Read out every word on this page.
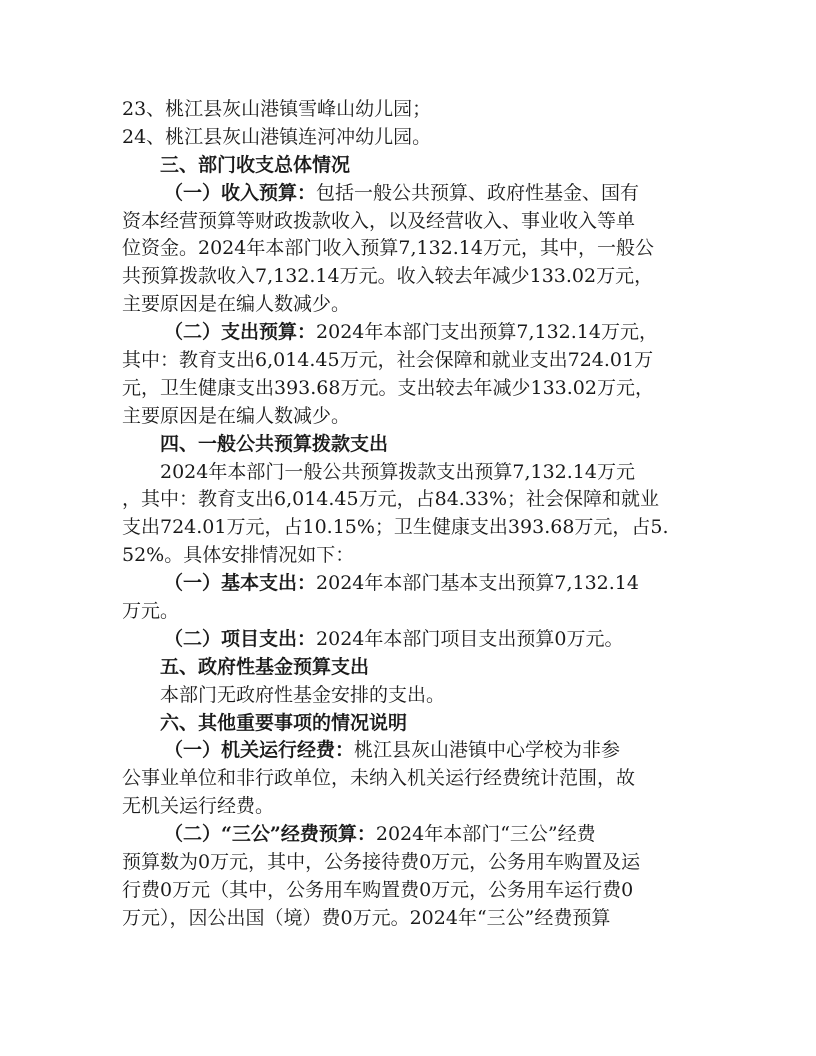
23、桃江县灰山港镇雪峰山幼儿园；
24、桃江县灰山港镇连河冲幼儿园。
三、部门收支总体情况
（一）收入预算：包括一般公共预算、政府性基金、国有
资本经营预算等财政拨款收入，以及经营收入、事业收入等单
位资金。2024年本部门收入预算7,132.14万元，其中，一般公
共预算拨款收入7,132.14万元。收入较去年减少133.02万元，
主要原因是在编人数减少。
（二）支出预算：2024年本部门支出预算7,132.14万元，
其中：教育支出6,014.45万元，社会保障和就业支出724.01万
元，卫生健康支出393.68万元。支出较去年减少133.02万元，
主要原因是在编人数减少。
四、一般公共预算拨款支出
2024年本部门一般公共预算拨款支出预算7,132.14万元
，其中：教育支出6,014.45万元，占84.33%；社会保障和就业
支出724.01万元，占10.15%；卫生健康支出393.68万元，占5.
52%。具体安排情况如下：
（一）基本支出：2024年本部门基本支出预算7,132.14
万元。
（二）项目支出：2024年本部门项目支出预算0万元。
五、政府性基金预算支出
本部门无政府性基金安排的支出。
六、其他重要事项的情况说明
（一）机关运行经费：桃江县灰山港镇中心学校为非参
公事业单位和非行政单位，未纳入机关运行经费统计范围，故
无机关运行经费。
（二）“三公”经费预算：2024年本部门“三公”经费
预算数为0万元，其中，公务接待费0万元，公务用车购置及运
行费0万元（其中，公务用车购置费0万元，公务用车运行费0
万元），因公出国（境）费0万元。2024年“三公”经费预算
